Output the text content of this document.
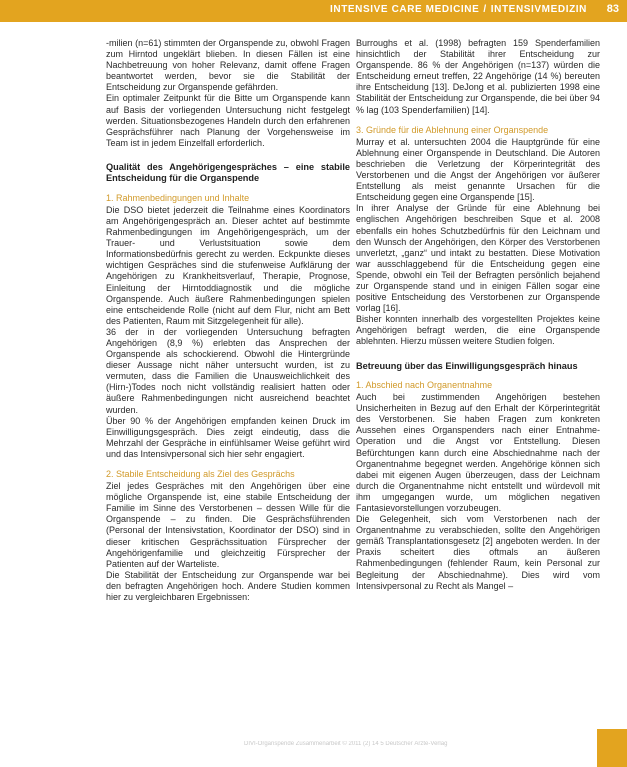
INTENSIVE CARE MEDICINE / INTENSIVMEDIZIN 83

-milien (n=61) stimmten der Organspende zu, obwohl Fragen zum Hirntod ungeklärt blieben. In diesen Fällen ist eine Nachbetreuung von hoher Relevanz, damit offene Fragen beantwortet werden, bevor sie die Stabilität der Entscheidung zur Organspende gefährden.

Ein optimaler Zeitpunkt für die Bitte um Organspende kann auf Basis der vorliegenden Untersuchung nicht festgelegt werden. Situationsbezogenes Handeln durch den erfahrenen Gesprächsführer nach Planung der Vorgehensweise im Team ist in jedem Einzelfall erforderlich.

Qualität des Angehörigengespräches – eine stabile Entscheidung für die Organspende

1. Rahmenbedingungen und Inhalte

Die DSO bietet jederzeit die Teilnahme eines Koordinators am Angehörigengespräch an. Dieser achtet auf bestimmte Rahmenbedingungen im Angehörigengespräch, um der Trauer- und Verlustsituation sowie dem Informationsbedürfnis gerecht zu werden. Eckpunkte dieses wichtigen Gespräches sind die stufenweise Aufklärung der Angehörigen zu Krankheitsverlauf, Therapie, Prognose, Einleitung der Hirntoddiagnostik und die mögliche Organspende. Auch äußere Rahmenbedingungen spielen eine entscheidende Rolle (nicht auf dem Flur, nicht am Bett des Patienten, Raum mit Sitzgelegenheit für alle).

36 der in der vorliegenden Untersuchung befragten Angehörigen (8,9 %) erlebten das Ansprechen der Organspende als schockierend. Obwohl die Hintergründe dieser Aussage nicht näher untersucht wurden, ist zu vermuten, dass die Familien die Unausweichlichkeit des (Hirn-)Todes noch nicht vollständig realisiert hatten oder äußere Rahmenbedingungen nicht ausreichend beachtet wurden.

Über 90 % der Angehörigen empfanden keinen Druck im Einwilligungsgespräch. Dies zeigt eindeutig, dass die Mehrzahl der Gespräche in einfühlsamer Weise geführt wird und das Intensivpersonal sich hier sehr engagiert.

2. Stabile Entscheidung als Ziel des Gesprächs

Ziel jedes Gespräches mit den Angehörigen über eine mögliche Organspende ist, eine stabile Entscheidung der Familie im Sinne des Verstorbenen – dessen Wille für die Organspende – zu finden. Die Gesprächsführenden (Personal der Intensivstation, Koordinator der DSO) sind in dieser kritischen Gesprächssituation Fürsprecher der Angehörigenfamilie und gleichzeitig Fürsprecher der Patienten auf der Warteliste.

Die Stabilität der Entscheidung zur Organspende war bei den befragten Angehörigen hoch. Andere Studien kommen hier zu vergleichbaren Ergebnissen:

Burroughs et al. (1998) befragten 159 Spenderfamilien hinsichtlich der Stabilität ihrer Entscheidung zur Organspende. 86 % der Angehörigen (n=137) würden die Entscheidung erneut treffen, 22 Angehörige (14 %) bereuten ihre Entscheidung [13]. DeJong et al. publizierten 1998 eine Stabilität der Entscheidung zur Organspende, die bei über 94 % lag (103 Spenderfamilien) [14].

3. Gründe für die Ablehnung einer Organspende

Murray et al. untersuchten 2004 die Hauptgründe für eine Ablehnung einer Organspende in Deutschland. Die Autoren beschrieben die Verletzung der Körperintegrität des Verstorbenen und die Angst der Angehörigen vor äußerer Entstellung als meist genannte Ursachen für die Entscheidung gegen eine Organspende [15].

In ihrer Analyse der Gründe für eine Ablehnung bei englischen Angehörigen beschreiben Sque et al. 2008 ebenfalls ein hohes Schutzbedürfnis für den Leichnam und den Wunsch der Angehörigen, den Körper des Verstorbenen unverletzt, „ganz“ und intakt zu bestatten. Diese Motivation war ausschlaggebend für die Entscheidung gegen eine Spende, obwohl ein Teil der Befragten persönlich bejahend zur Organspende stand und in einigen Fällen sogar eine positive Entscheidung des Verstorbenen zur Organspende vorlag [16].

Bisher konnten innerhalb des vorgestellten Projektes keine Angehörigen befragt werden, die eine Organspende ablehnten. Hierzu müssen weitere Studien folgen.

Betreuung über das Einwilligungsgespräch hinaus

1. Abschied nach Organentnahme

Auch bei zustimmenden Angehörigen bestehen Unsicherheiten in Bezug auf den Erhalt der Körperintegrität des Verstorbenen. Sie haben Fragen zum konkreten Aussehen eines Organspenders nach einer Entnahme-Operation und die Angst vor Entstellung. Diesen Befürchtungen kann durch eine Abschiednahme nach der Organentnahme begegnet werden. Angehörige können sich dabei mit eigenen Augen überzeugen, dass der Leichnam durch die Organentnahme nicht entstellt und würdevoll mit ihm umgegangen wurde, um möglichen negativen Fantasievorstellungen vorzubeugen.

Die Gelegenheit, sich vom Verstorbenen nach der Organentnahme zu verabschieden, sollte den Angehörigen gemäß Transplantationsgesetz [2] angeboten werden. In der Praxis scheitert dies oftmals an äußeren Rahmenbedingungen (fehlender Raum, kein Personal zur Begleitung der Abschiednahme). Dies wird vom Intensivpersonal zu Recht als Mangel –

DIVI-Organspende Zusammenarbeit © 2011 (2) 14 5 Deutscher Ärzte-Verlag
